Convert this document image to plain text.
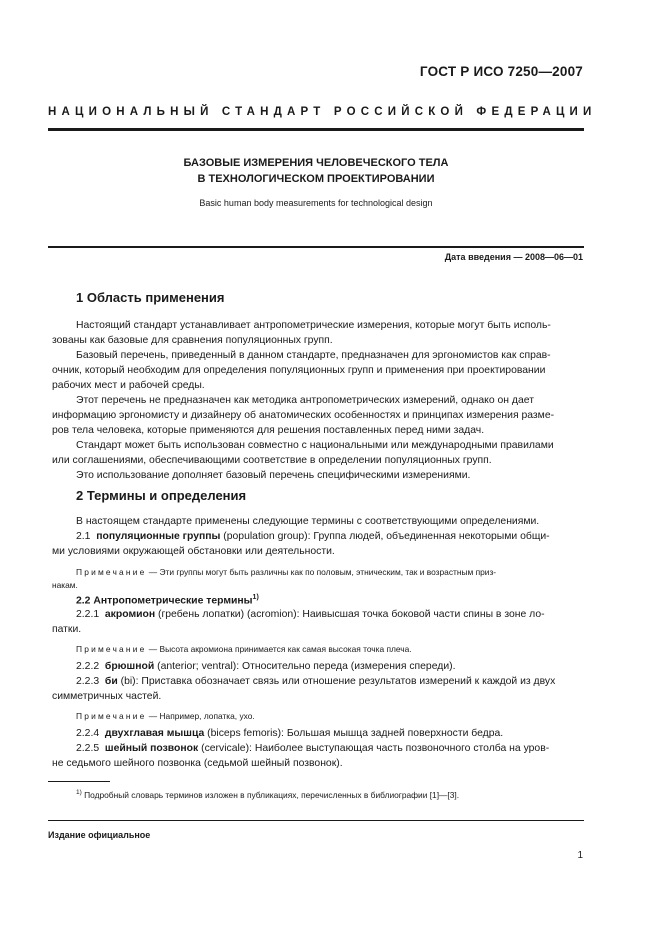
ГОСТ Р ИСО 7250—2007
НАЦИОНАЛЬНЫЙ СТАНДАРТ РОССИЙСКОЙ ФЕДЕРАЦИИ
БАЗОВЫЕ ИЗМЕРЕНИЯ ЧЕЛОВЕЧЕСКОГО ТЕЛА
В ТЕХНОЛОГИЧЕСКОМ ПРОЕКТИРОВАНИИ
Basic human body measurements for technological design
Дата введения — 2008—06—01
1 Область применения
Настоящий стандарт устанавливает антропометрические измерения, которые могут быть исполь-
зованы как базовые для сравнения популяционных групп.
Базовый перечень, приведенный в данном стандарте, предназначен для эргономистов как справ-
очник, который необходим для определения популяционных групп и применения при проектировании
рабочих мест и рабочей среды.
Этот перечень не предназначен как методика антропометрических измерений, однако он дает
информацию эргономисту и дизайнеру об анатомических особенностях и принципах измерения разме-
ров тела человека, которые применяются для решения поставленных перед ними задач.
Стандарт может быть использован совместно с национальными или международными правилами
или соглашениями, обеспечивающими соответствие в определении популяционных групп.
Это использование дополняет базовый перечень специфическими измерениями.
2 Термины и определения
В настоящем стандарте применены следующие термины с соответствующими определениями.
2.1 популяционные группы (population group): Группа людей, объединенная некоторыми общи-
ми условиями окружающей обстановки или деятельности.
Примечание — Эти группы могут быть различны как по половым, этническим, так и возрастным приз-
накам.
2.2 Антропометрические термины$^{1)}$
2.2.1 акромион (гребень лопатки) (acromion): Наивысшая точка боковой части спины в зоне ло-
патки.
Примечание — Высота акромиона принимается как самая высокая точка плеча.
2.2.2 брюшной (anterior; ventral): Относительно переда (измерения спереди).
2.2.3 би (bi): Приставка обозначает связь или отношение результатов измерений к каждой из двух
симметричных частей.
Примечание — Например, лопатка, ухо.
2.2.4 двухглавая мышца (biceps femoris): Большая мышца задней поверхности бедра.
2.2.5 шейный позвонок (cervicale): Наиболее выступающая часть позвоночного столба на уров-
не седьмого шейного позвонка (седьмой шейный позвонок).
$^{1)}$ Подробный словарь терминов изложен в публикациях, перечисленных в библиографии [1]—[3].
Издание официальное
1
